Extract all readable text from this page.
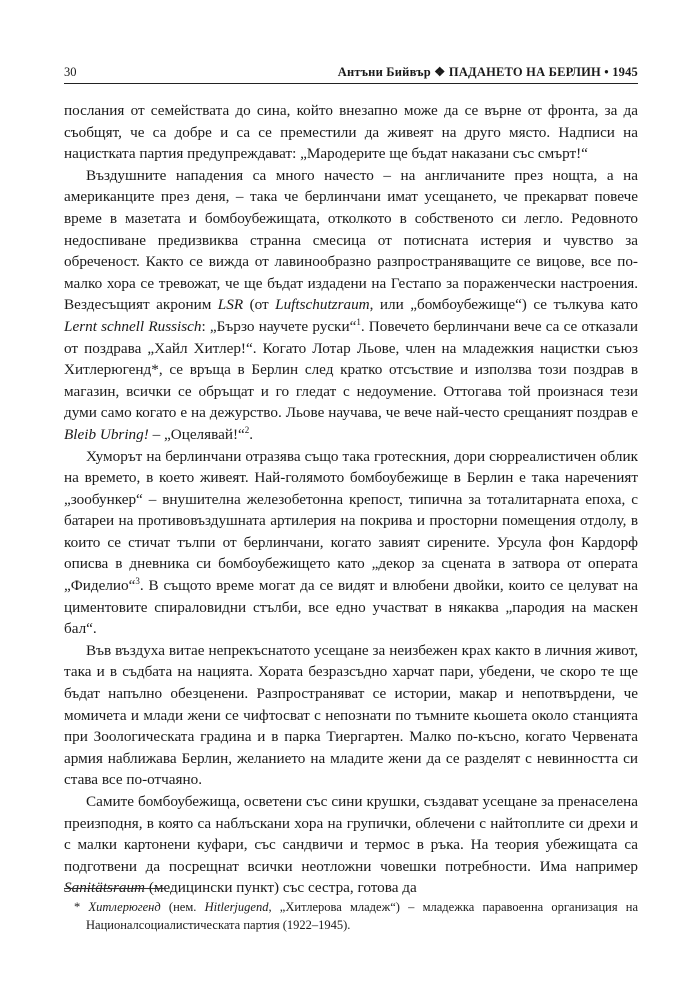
30	Антъни Бийвър ❖ ПАДАНЕТО НА БЕРЛИН • 1945

послания от семействата до сина, който внезапно може да се върне от фронта, за да съобщят, че са добре и са се преместили да живеят на друго място. Надписи на нацистката партия предупреждават: „Мародерите ще бъдат наказани със смърт!“

Въздушните нападения са много начесто – на англичаните през нощта, а на американците през деня, – така че берлинчани имат усещането, че прекарват повече време в мазетата и бомбоубежищата, отколкото в собственото си легло. Редовното недоспиване предизвиква странна смесица от потисната истерия и чувство за обреченост. Както се вижда от лавинообразно разпространяващите се вицове, все по-малко хора се тревожат, че ще бъдат издадени на Гестапо за пораженчески настроения. Вездесъщият акроним LSR (от Luftschutzraum, или „бомбоубежище“) се тълкува като Lernt schnell Russisch: „Бързо научете руски“$^1$. Повечето берлинчани вече са се отказали от поздрава „Хайл Хитлер!“. Когато Лотар Льове, член на младежкия нацистки съюз Хитлерюгенд*, се връща в Берлин след кратко отсъствие и използва този поздрав в магазин, всички се обръщат и го гледат с недоумение. Оттогава той произнася тези думи само когато е на дежурство. Льове научава, че вече най-често срещаният поздрав е Bleib Ubring! – „Оцелявай!“$^2$.

Хуморът на берлинчани отразява също така гротескния, дори сюрреалистичен облик на времето, в което живеят. Най-голямото бомбоубежище в Берлин е така нареченият „зообункер“ – внушителна железобетонна крепост, типична за тоталитарната епоха, с батареи на противовъздушната артилерия на покрива и просторни помещения отдолу, в които се стичат тълпи от берлинчани, когато завият сирените. Урсула фон Кардорф описва в дневника си бомбоубежището като „декор за сцената в затвора от операта „Фиделио“$^3$. В същото време могат да се видят и влюбени двойки, които се целуват на циментовите спираловидни стълби, все едно участват в някаква „пародия на маскен бал“.

Във въздуха витае непрекъснатото усещане за неизбежен крах както в личния живот, така и в съдбата на нацията. Хората безразсъдно харчат пари, убедени, че скоро те ще бъдат напълно обезценени. Разпространяват се истории, макар и непотвърдени, че момичета и млади жени се чифтосват с непознати по тъмните кьошета около станцията при Зоологическата градина и в парка Тиергартен. Малко по-късно, когато Червената армия наближава Берлин, желанието на младите жени да се разделят с невинността си става все по-отчаяно.

Самите бомбоубежища, осветени със сини крушки, създават усещане за пренаселена преизподня, в която са наблъскани хора на групички, облечени с найтоплите си дрехи и с малки картонени куфари, със сандвичи и термос в ръка. На теория убежищата са подготвени да посрещнат всички неотложни човешки потребности. Има например Sanitätsraum (медицински пункт) със сестра, готова да

* Хитлерюгенд (нем. Hitlerjugend, „Хитлерова младеж“) – младежка паравоенна организация на Националсоциалистическата партия (1922–1945).
